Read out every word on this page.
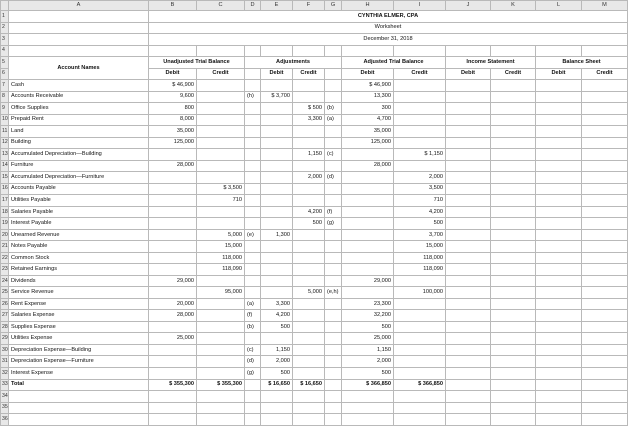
	A	B	C	D	E	F	G	H	I	J	K	L	M
1		CYNTHIA ELMER, CPA											
2		Worksheet											
3		December 31, 2018											
4													
5	Account Names	Unadjusted Trial Balance		Adjustments				Adjusted Trial Balance		Income Statement		Balance Sheet	
6		Debit	Credit		Debit	Credit		Debit	Credit	Debit	Credit	Debit	Credit
7	Cash	$ 46,900						$ 46,900					
8	Accounts Receivable	9,600		(h)	$ 3,700			13,300					
9	Office Supplies	800				$ 500	(b)	300					
10	Prepaid Rent	8,000				3,300	(a)	4,700					
11	Land	35,000						35,000					
12	Building	125,000						125,000					
13	Accumulated Depreciation—Building					1,150	(c)		$ 1,150				
14	Furniture	28,000						28,000					
15	Accumulated Depreciation—Furniture					2,000	(d)		2,000				
16	Accounts Payable		$ 3,500						3,500				
17	Utilities Payable		710						710				
18	Salaries Payable					4,200	(f)		4,200				
19	Interest Payable					500	(g)		500				
20	Unearned Revenue		5,000	(e)	1,300				3,700				
21	Notes Payable		15,000						15,000				
22	Common Stock		118,000						118,000				
23	Retained Earnings		118,090						118,090				
24	Dividends	29,000						29,000					
25	Service Revenue		95,000			5,000	(e,h)		100,000				
26	Rent Expense	20,000		(a)	3,300			23,300					
27	Salaries Expense	28,000		(f)	4,200			32,200					
28	Supplies Expense			(b)	500			500					
29	Utilities Expense	25,000						25,000					
30	Depreciation Expense—Building			(c)	1,150			1,150					
31	Depreciation Expense—Furniture			(d)	2,000			2,000					
32	Interest Expense			(g)	500			500					
33	Total	$ 355,300	$ 355,300		$ 16,650	$ 16,650		$ 366,850	$ 366,850				
34													
35													
36													
